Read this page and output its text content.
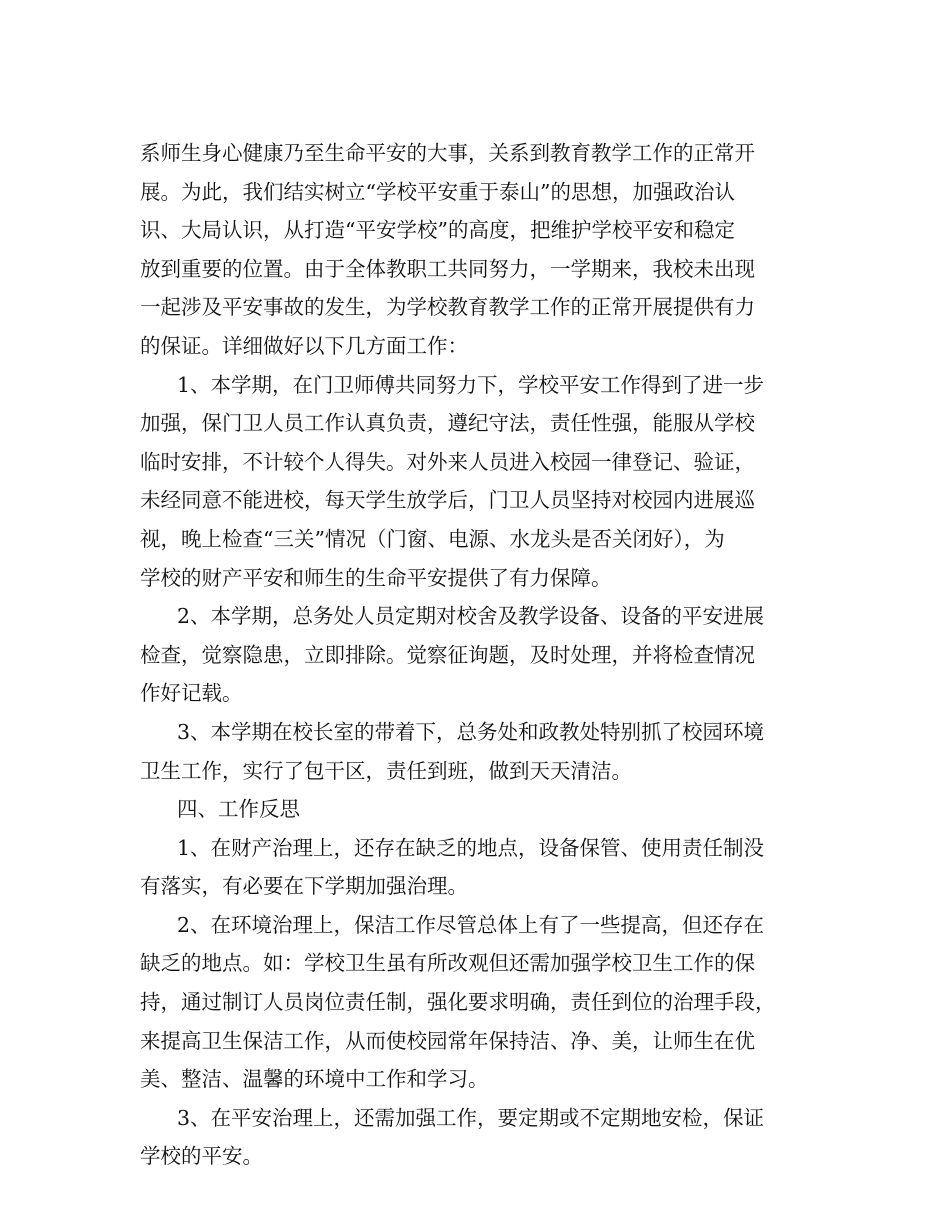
系师生身心健康乃至生命平安的大事，关系到教育教学工作的正常开
展。为此，我们结实树立“学校平安重于泰山”的思想，加强政治认
识、大局认识，从打造“平安学校”的高度，把维护学校平安和稳定
放到重要的位置。由于全体教职工共同努力，一学期来，我校未出现
一起涉及平安事故的发生，为学校教育教学工作的正常开展提供有力
的保证。详细做好以下几方面工作：
1、本学期，在门卫师傅共同努力下，学校平安工作得到了进一步
加强，保门卫人员工作认真负责，遵纪守法，责任性强，能服从学校
临时安排，不计较个人得失。对外来人员进入校园一律登记、验证，
未经同意不能进校，每天学生放学后，门卫人员坚持对校园内进展巡
视，晚上检查“三关”情况（门窗、电源、水龙头是否关闭好），为
学校的财产平安和师生的生命平安提供了有力保障。
2、本学期，总务处人员定期对校舍及教学设备、设备的平安进展
检查，觉察隐患，立即排除。觉察征询题，及时处理，并将检查情况
作好记载。
3、本学期在校长室的带着下，总务处和政教处特别抓了校园环境
卫生工作，实行了包干区，责任到班，做到天天清洁。
四、工作反思
1、在财产治理上，还存在缺乏的地点，设备保管、使用责任制没
有落实，有必要在下学期加强治理。
2、在环境治理上，保洁工作尽管总体上有了一些提高，但还存在
缺乏的地点。如：学校卫生虽有所改观但还需加强学校卫生工作的保
持，通过制订人员岗位责任制，强化要求明确，责任到位的治理手段，
来提高卫生保洁工作，从而使校园常年保持洁、净、美，让师生在优
美、整洁、温馨的环境中工作和学习。
3、在平安治理上，还需加强工作，要定期或不定期地安检，保证
学校的平安。
